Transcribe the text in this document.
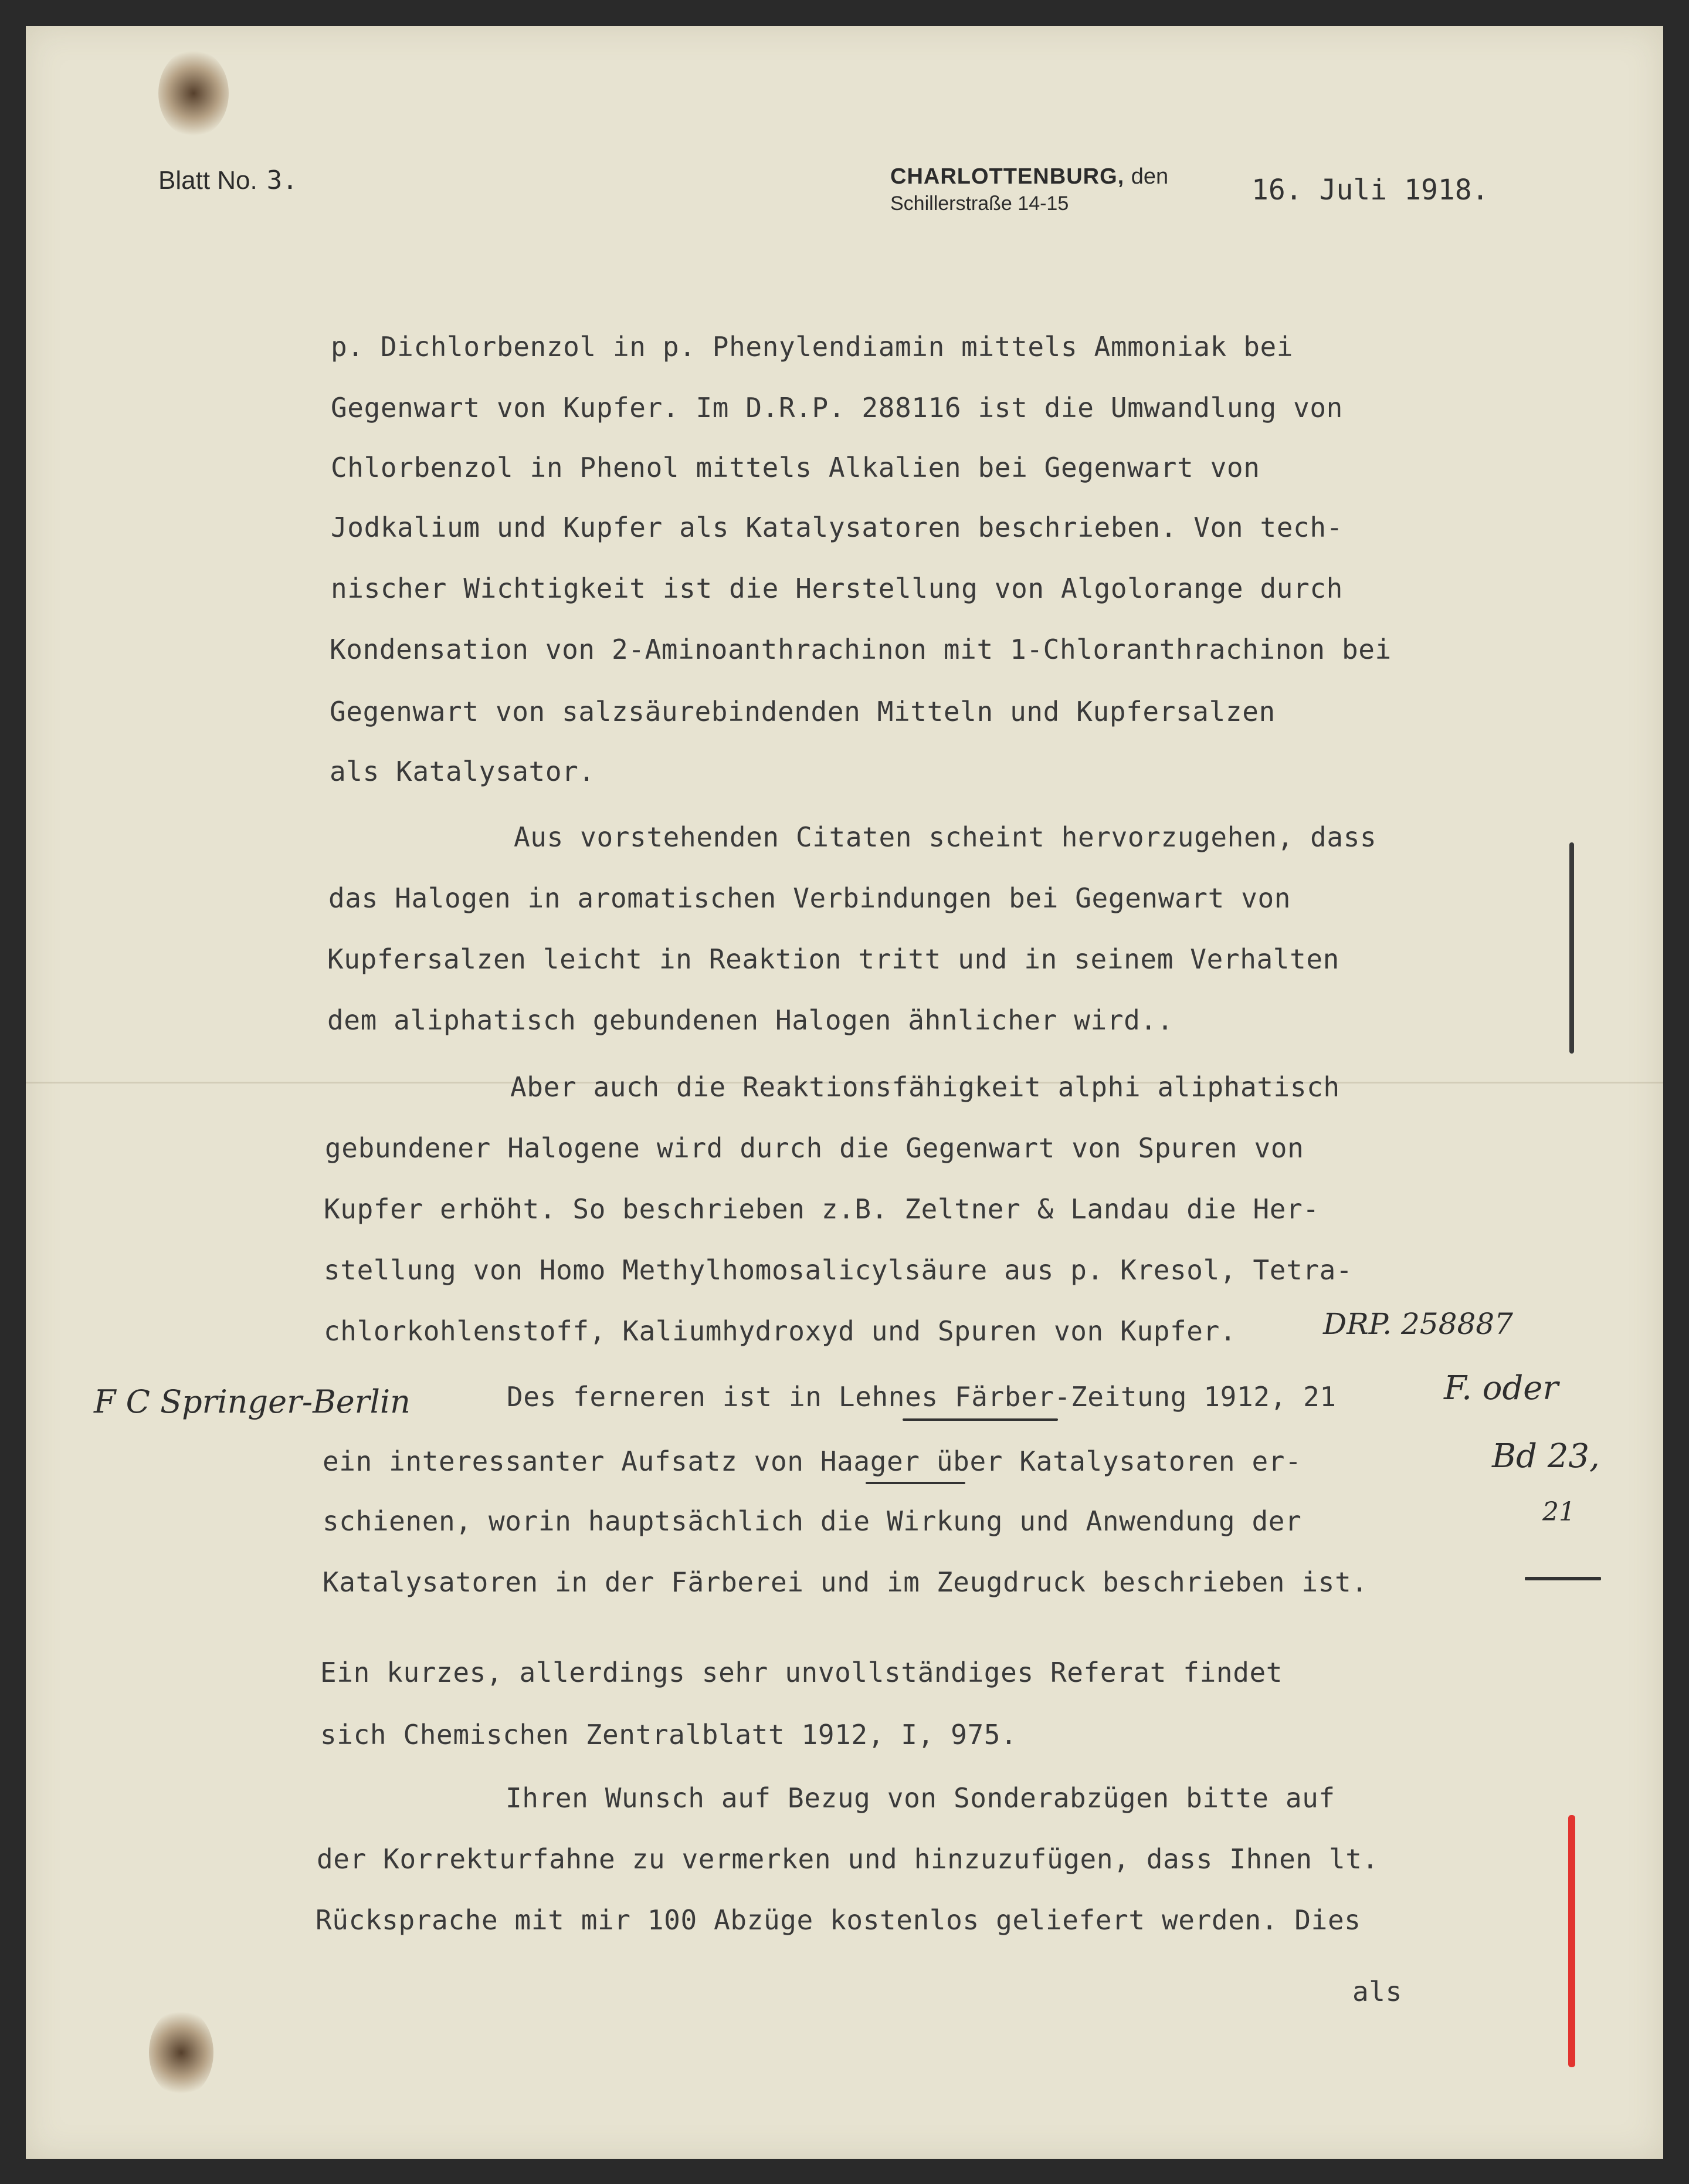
Blatt No. 3.	CHARLOTTENBURG, den
Schillerstraße 14-15	16. Juli 1918.
p. Dichlorbenzol in p. Phenylendiamin mittels Ammoniak bei
Gegenwart von Kupfer. Im D.R.P. 288116 ist die Umwandlung von
Chlorbenzol in Phenol mittels Alkalien bei Gegenwart von
Jodkalium und Kupfer als Katalysatoren beschrieben. Von tech-
nischer Wichtigkeit ist die Herstellung von Algolorange durch
Kondensation von 2-Aminoanthrachinon mit 1-Chloranthrachinon bei
Gegenwart von salzsäurebindenden Mitteln und Kupfersalzen
als Katalysator.
Aus vorstehenden Citaten scheint hervorzugehen, dass
das Halogen in aromatischen Verbindungen bei Gegenwart von
Kupfersalzen leicht in Reaktion tritt und in seinem Verhalten
dem aliphatisch gebundenen Halogen ähnlicher wird..
Aber auch die Reaktionsfähigkeit alphi aliphatisch
gebundener Halogene wird durch die Gegenwart von Spuren von
Kupfer erhöht. So beschrieben z.B. Zeltner & Landau die Her-
stellung von Homo Methylhomosalicylsäure aus p. Kresol, Tetra-
chlorkohlenstoff, Kaliumhydroxyd und Spuren von Kupfer.
Des ferneren ist in Lehnes Färber-Zeitung 1912, 21
ein interessanter Aufsatz von Haager über Katalysatoren er-
schienen, worin hauptsächlich die Wirkung und Anwendung der
Katalysatoren in der Färberei und im Zeugdruck beschrieben ist.
Ein kurzes, allerdings sehr unvollständiges Referat findet
sich Chemischen Zentralblatt 1912, I, 975.
Ihren Wunsch auf Bezug von Sonderabzügen bitte auf
der Korrekturfahne zu vermerken und hinzuzufügen, dass Ihnen lt.
Rücksprache mit mir 100 Abzüge kostenlos geliefert werden. Dies
als
DRP. 258887
F C Springer-Berlin	F. oder
Bd 23,
21
